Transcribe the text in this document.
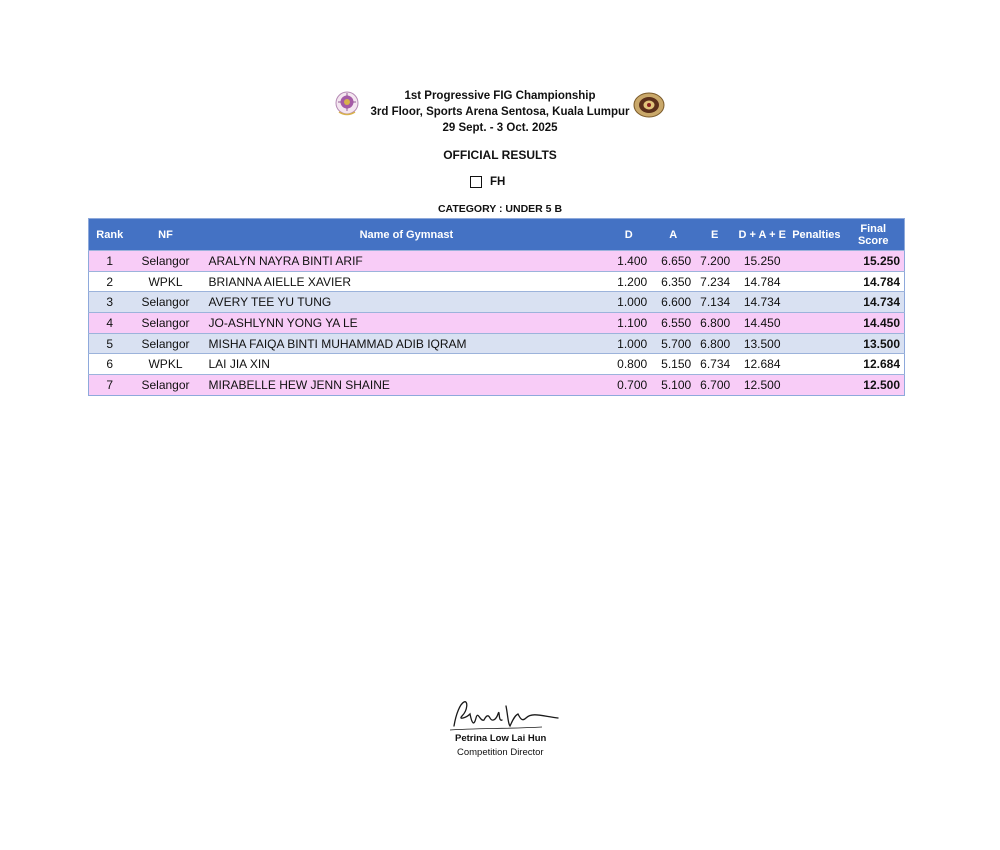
1st Progressive FIG Championship
3rd Floor, Sports Arena Sentosa, Kuala Lumpur
29 Sept. - 3 Oct. 2025
OFFICIAL RESULTS
FH
CATEGORY : UNDER 5 B
Rank	NF	Name of Gymnast	D	A	E	D + A + E	Penalties	Final Score
1	Selangor	ARALYN NAYRA BINTI ARIF	1.400	6.650	7.200	15.250		15.250
2	WPKL	BRIANNA AIELLE XAVIER	1.200	6.350	7.234	14.784		14.784
3	Selangor	AVERY TEE YU TUNG	1.000	6.600	7.134	14.734		14.734
4	Selangor	JO-ASHLYNN YONG YA LE	1.100	6.550	6.800	14.450		14.450
5	Selangor	MISHA FAIQA BINTI MUHAMMAD ADIB IQRAM	1.000	5.700	6.800	13.500		13.500
6	WPKL	LAI JIA XIN	0.800	5.150	6.734	12.684		12.684
7	Selangor	MIRABELLE HEW JENN SHAINE	0.700	5.100	6.700	12.500		12.500
Petrina Low Lai Hun
Competition Director
